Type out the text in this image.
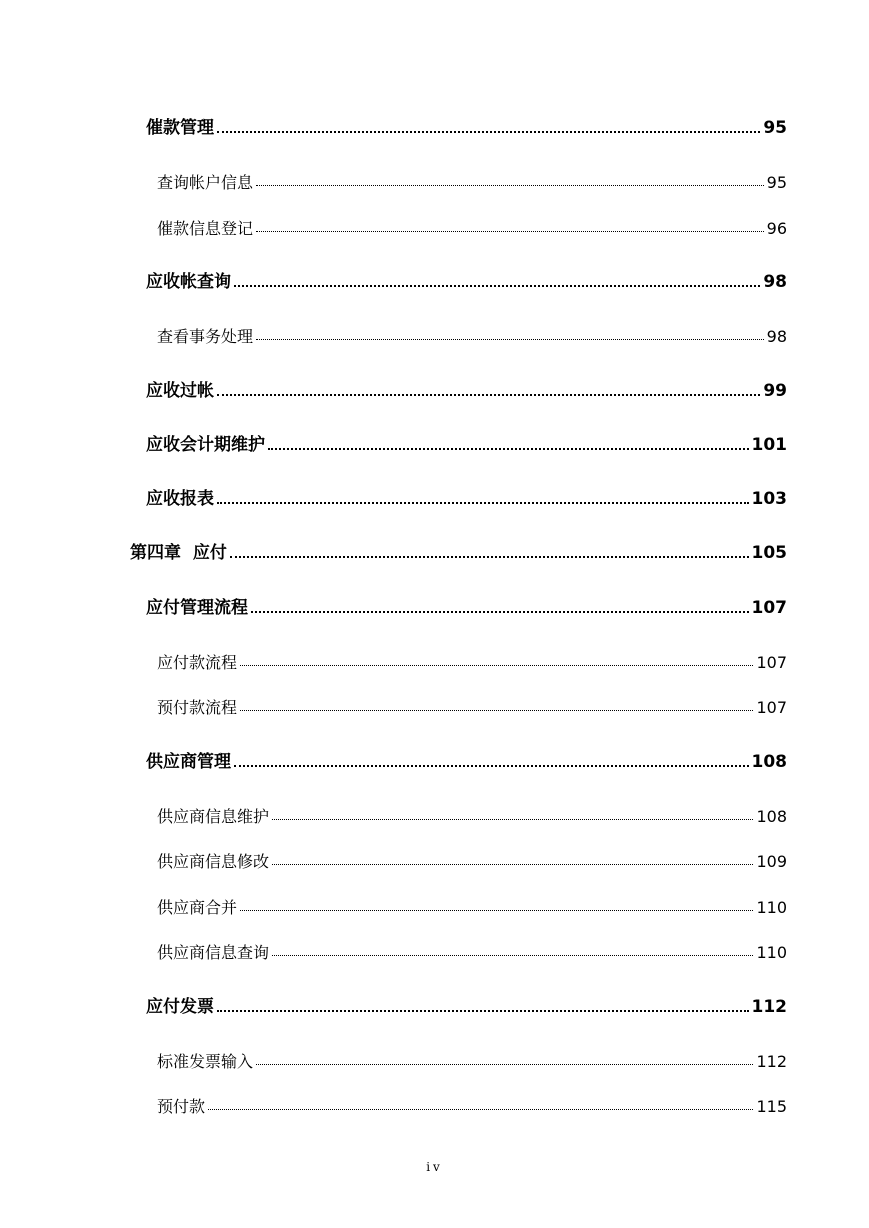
催款管理	95
查询帐户信息	95
催款信息登记	96
应收帐查询	98
查看事务处理	98
应收过帐	99
应收会计期维护	101
应收报表	103
第四章  应付	105
应付管理流程	107
应付款流程	107
预付款流程	107
供应商管理	108
供应商信息维护	108
供应商信息修改	109
供应商合并	110
供应商信息查询	110
应付发票	112
标准发票输入	112
预付款	115
iv
